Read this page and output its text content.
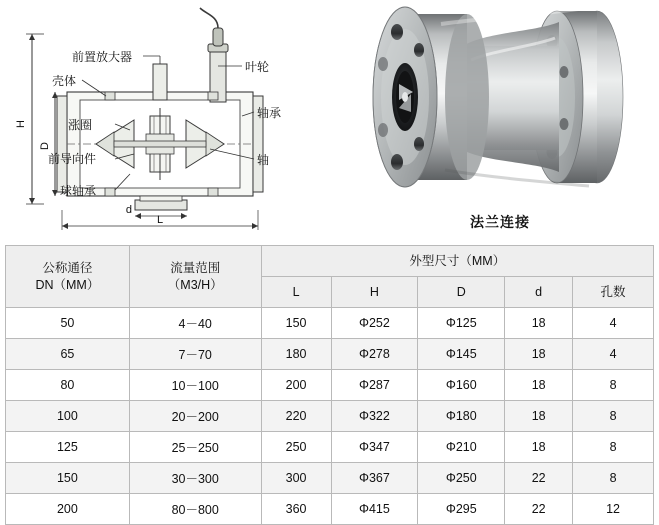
H
D
d
L
前置放大器
叶轮
壳体
轴承
涨圈
前导向件	轴
球轴承
法兰连接
公称通径
DN（MM）

流量范围
（M3/H）
	外型尺寸（MM）
		L	H	D	d	孔数
50	4－40	150	Φ252	Φ125	18	4
65	7－70	180	Φ278	Φ145	18	4
80	10－100	200	Φ287	Φ160	18	8
100	20－200	220	Φ322	Φ180	18	8
125	25－250	250	Φ347	Φ210	18	8
150	30－300	300	Φ367	Φ250	22	8
200	80－800	360	Φ415	Φ295	22	12
